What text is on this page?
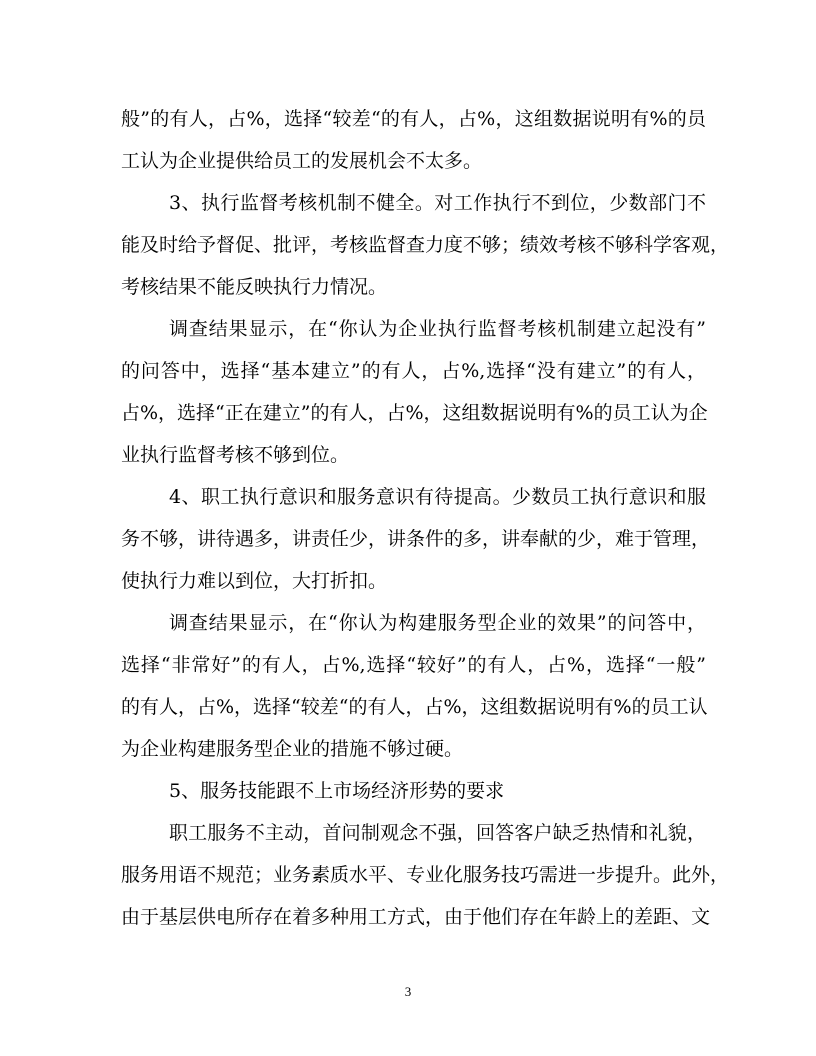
般”的有人，占%，选择“较差“的有人，占%，这组数据说明有%的员
工认为企业提供给员工的发展机会不太多。
3、执行监督考核机制不健全。对工作执行不到位，少数部门不
能及时给予督促、批评，考核监督查力度不够；绩效考核不够科学客观，
考核结果不能反映执行力情况。
调查结果显示，在“你认为企业执行监督考核机制建立起没有”
的问答中，选择“基本建立”的有人，占%,选择“没有建立”的有人，
占%，选择“正在建立”的有人，占%，这组数据说明有%的员工认为企
业执行监督考核不够到位。
4、职工执行意识和服务意识有待提高。少数员工执行意识和服
务不够，讲待遇多，讲责任少，讲条件的多，讲奉献的少，难于管理，
使执行力难以到位，大打折扣。
调查结果显示，在“你认为构建服务型企业的效果”的问答中，
选择“非常好”的有人，占%,选择“较好”的有人，占%，选择“一般”
的有人，占%，选择“较差“的有人，占%，这组数据说明有%的员工认
为企业构建服务型企业的措施不够过硬。
5、服务技能跟不上市场经济形势的要求
职工服务不主动，首问制观念不强，回答客户缺乏热情和礼貌，
服务用语不规范；业务素质水平、专业化服务技巧需进一步提升。此外，
由于基层供电所存在着多种用工方式，由于他们存在年龄上的差距、文
3
